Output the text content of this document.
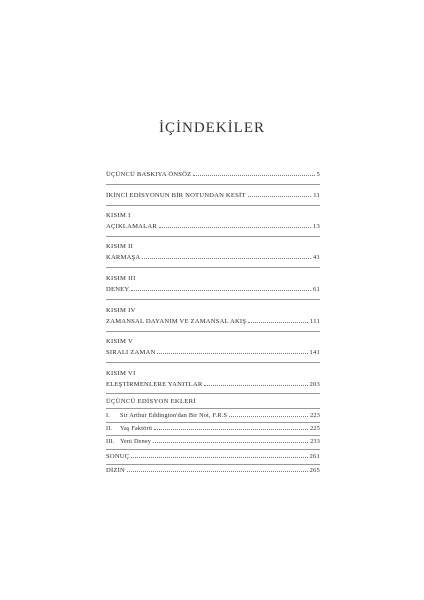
İÇİNDEKİLER
ÜÇÜNCÜ BASKIYA ÖNSÖZ	5
İKİNCİ EDİSYONUN BİR NOTUNDAN KESİT	11
KISIM I
AÇIKLAMALAR	13
KISIM II
KARMAŞA	41
KISIM III
DENEY	61
KISIM IV
ZAMANSAL DAYANIM VE ZAMANSAL AKIŞ	111
KISIM V
SIRALI ZAMAN	141
KISIM VI
ELEŞTİRMENLERE YANITLAR	203
ÜÇÜNCÜ EDİSYON EKLERİ
I. Sir Arthur Eddington'dan Bir Not, F.R.S	223
II. Yaş Faktörü	225
III. Yeni Deney	233
SONUÇ	261
DİZİN	265
